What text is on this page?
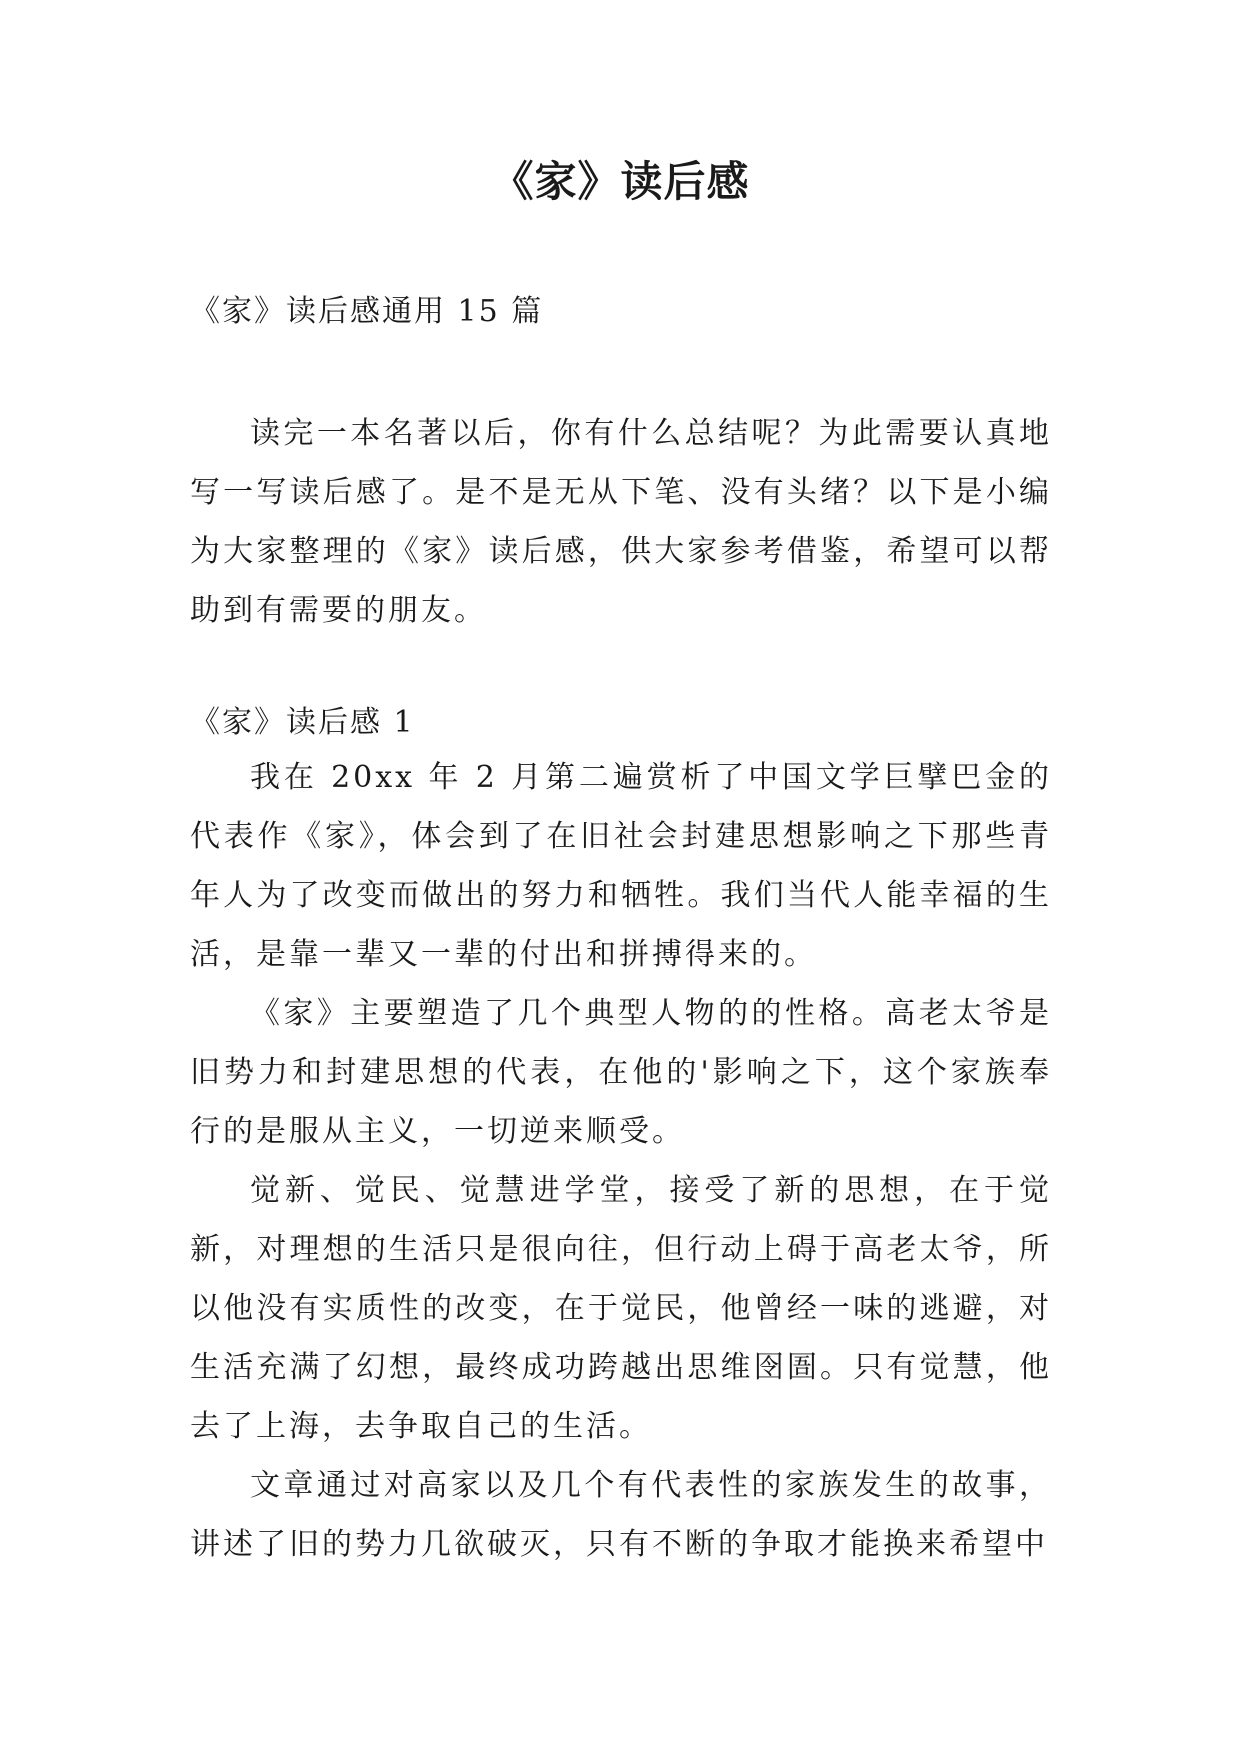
《家》读后感
《家》读后感通用 15 篇

读完一本名著以后，你有什么总结呢？为此需要认真地写一写读后感了。是不是无从下笔、没有头绪？以下是小编为大家整理的《家》读后感，供大家参考借鉴，希望可以帮助到有需要的朋友。

《家》读后感 1

我在 20xx 年 2 月第二遍赏析了中国文学巨擘巴金的代表作《家》，体会到了在旧社会封建思想影响之下那些青年人为了改变而做出的努力和牺牲。我们当代人能幸福的生活，是靠一辈又一辈的付出和拼搏得来的。

《家》主要塑造了几个典型人物的的性格。高老太爷是旧势力和封建思想的代表，在他的'影响之下，这个家族奉行的是服从主义，一切逆来顺受。

觉新、觉民、觉慧进学堂，接受了新的思想，在于觉新，对理想的生活只是很向往，但行动上碍于高老太爷，所以他没有实质性的改变，在于觉民，他曾经一味的逃避，对生活充满了幻想，最终成功跨越出思维囹圄。只有觉慧，他去了上海，去争取自己的生活。

文章通过对高家以及几个有代表性的家族发生的故事，讲述了旧的势力几欲破灭，只有不断的争取才能换来希望中
